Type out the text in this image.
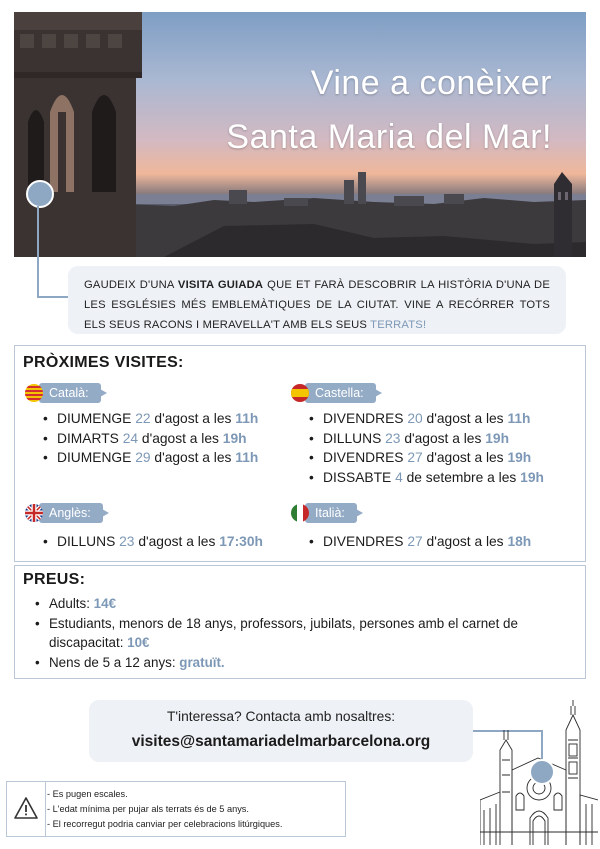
Vine a conèixer
Santa Maria del Mar!
GAUDEIX D'UNA VISITA GUIADA QUE ET FARÀ DESCOBRIR LA HISTÒRIA D'UNA DE LES ESGLÉSIES MÉS EMBLEMÀTIQUES DE LA CIUTAT. VINE A RECÓRRER TOTS ELS SEUS RACONS I MERAVELLA'T AMB ELS SEUS TERRATS!
PRÒXIMES VISITES:
Català:
• DIUMENGE 22 d'agost a les 11h
• DIMARTS 24 d'agost a les 19h
• DIUMENGE 29 d'agost a les 11h
Castella:
• DIVENDRES 20 d'agost a les 11h
• DILLUNS 23 d'agost a les 19h
• DIVENDRES 27 d'agost a les 19h
• DISSABTE 4 de setembre a les 19h
Anglès:
• DILLUNS 23 d'agost a les 17:30h
Italià:
• DIVENDRES 27 d'agost a les 18h
PREUS:
• Adults: 14€
• Estudiants, menors de 18 anys, professors, jubilats, persones amb el carnet de discapacitat: 10€
• Nens de 5 a 12 anys: gratuït.
T'interessa? Contacta amb nosaltres:
visites@santamariadelmarbarcelona.org
- Es pugen escales.
- L'edat mínima per pujar als terrats és de 5 anys.
- El recorregut podria canviar per celebracions litúrgiques.
